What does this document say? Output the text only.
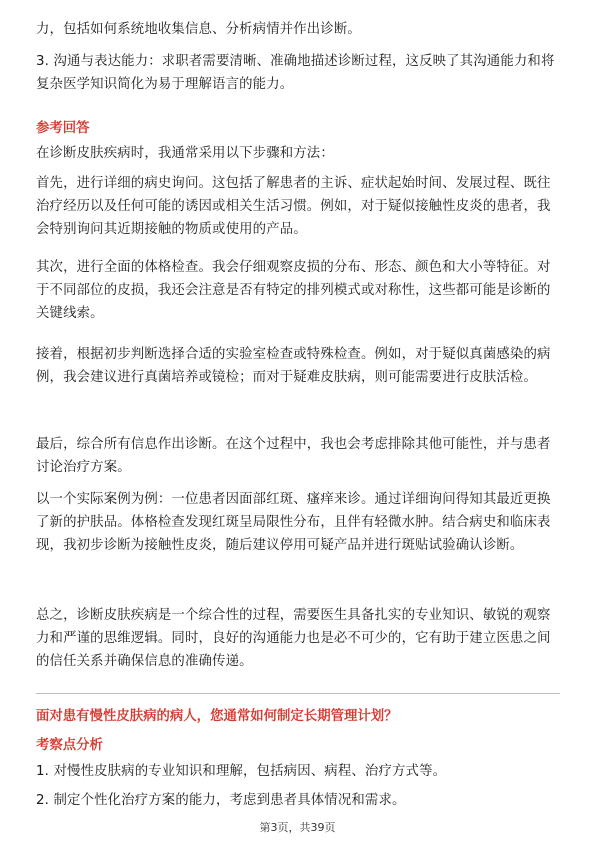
力，包括如何系统地收集信息、分析病情并作出诊断。

3. 沟通与表达能力：求职者需要清晰、准确地描述诊断过程，这反映了其沟通能力和将复杂医学知识简化为易于理解语言的能力。

参考回答

在诊断皮肤疾病时，我通常采用以下步骤和方法：

首先，进行详细的病史询问。这包括了解患者的主诉、症状起始时间、发展过程、既往治疗经历以及任何可能的诱因或相关生活习惯。例如，对于疑似接触性皮炎的患者，我会特别询问其近期接触的物质或使用的产品。

其次，进行全面的体格检查。我会仔细观察皮损的分布、形态、颜色和大小等特征。对于不同部位的皮损，我还会注意是否有特定的排列模式或对称性，这些都可能是诊断的关键线索。

接着，根据初步判断选择合适的实验室检查或特殊检查。例如，对于疑似真菌感染的病例，我会建议进行真菌培养或镜检；而对于疑难皮肤病，则可能需要进行皮肤活检。

最后，综合所有信息作出诊断。在这个过程中，我也会考虑排除其他可能性，并与患者讨论治疗方案。

以一个实际案例为例：一位患者因面部红斑、瘙痒来诊。通过详细询问得知其最近更换了新的护肤品。体格检查发现红斑呈局限性分布，且伴有轻微水肿。结合病史和临床表现，我初步诊断为接触性皮炎，随后建议停用可疑产品并进行斑贴试验确认诊断。

总之，诊断皮肤疾病是一个综合性的过程，需要医生具备扎实的专业知识、敏锐的观察力和严谨的思维逻辑。同时，良好的沟通能力也是必不可少的，它有助于建立医患之间的信任关系并确保信息的准确传递。

面对患有慢性皮肤病的病人，您通常如何制定长期管理计划？

考察点分析

1. 对慢性皮肤病的专业知识和理解，包括病因、病程、治疗方式等。

2. 制定个性化治疗方案的能力，考虑到患者具体情况和需求。

第3页，共39页
